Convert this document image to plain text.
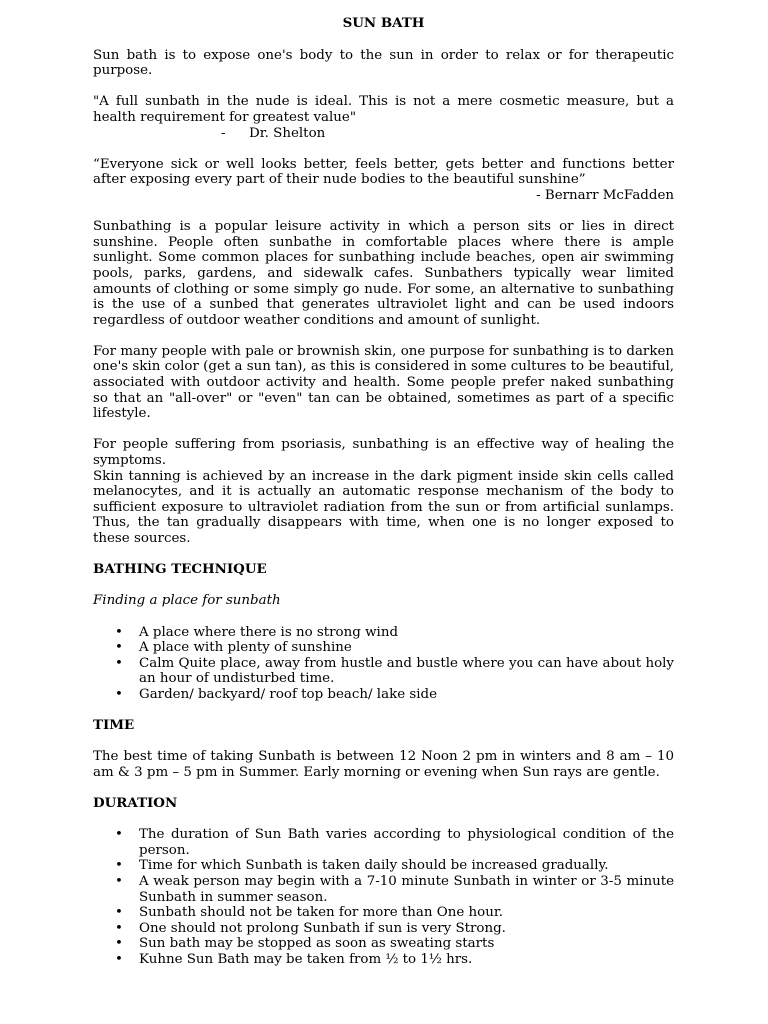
SUN BATH

Sun bath is to expose one's body to the sun in order to relax or for therapeutic purpose.

"A full sunbath in the nude is ideal. This is not a mere cosmetic measure, but a health requirement for greatest value"

- Dr. Shelton

“Everyone sick or well looks better, feels better, gets better and functions better after exposing every part of their nude bodies to the beautiful sunshine”

- Bernarr McFadden

Sunbathing is a popular leisure activity in which a person sits or lies in direct sunshine. People often sunbathe in comfortable places where there is ample sunlight. Some common places for sunbathing include beaches, open air swimming pools, parks, gardens, and sidewalk cafes. Sunbathers typically wear limited amounts of clothing or some simply go nude. For some, an alternative to sunbathing is the use of a sunbed that generates ultraviolet light and can be used indoors regardless of outdoor weather conditions and amount of sunlight.

For many people with pale or brownish skin, one purpose for sunbathing is to darken one's skin color (get a sun tan), as this is considered in some cultures to be beautiful, associated with outdoor activity and health. Some people prefer naked sunbathing so that an "all-over" or "even" tan can be obtained, sometimes as part of a specific lifestyle.

For people suffering from psoriasis, sunbathing is an effective way of healing the symptoms.

Skin tanning is achieved by an increase in the dark pigment inside skin cells called melanocytes, and it is actually an automatic response mechanism of the body to sufficient exposure to ultraviolet radiation from the sun or from artificial sunlamps. Thus, the tan gradually disappears with time, when one is no longer exposed to these sources.

BATHING TECHNIQUE
Finding a place for sunbath
• A place where there is no strong wind
• A place with plenty of sunshine
• Calm Quite place, away from hustle and bustle where you can have about holy an hour of undisturbed time.
• Garden/ backyard/ roof top beach/ lake side
TIME

The best time of taking Sunbath is between 12 Noon 2 pm in winters and 8 am – 10 am & 3 pm – 5 pm in Summer. Early morning or evening when Sun rays are gentle.

DURATION
• The duration of Sun Bath varies according to physiological condition of the person.
• Time for which Sunbath is taken daily should be increased gradually.
• A weak person may begin with a 7-10 minute Sunbath in winter or 3-5 minute Sunbath in summer season.
• Sunbath should not be taken for more than One hour.
• One should not prolong Sunbath if sun is very Strong.
• Sun bath may be stopped as soon as sweating starts
• Kuhne Sun Bath may be taken from ½ to 1½ hrs.
